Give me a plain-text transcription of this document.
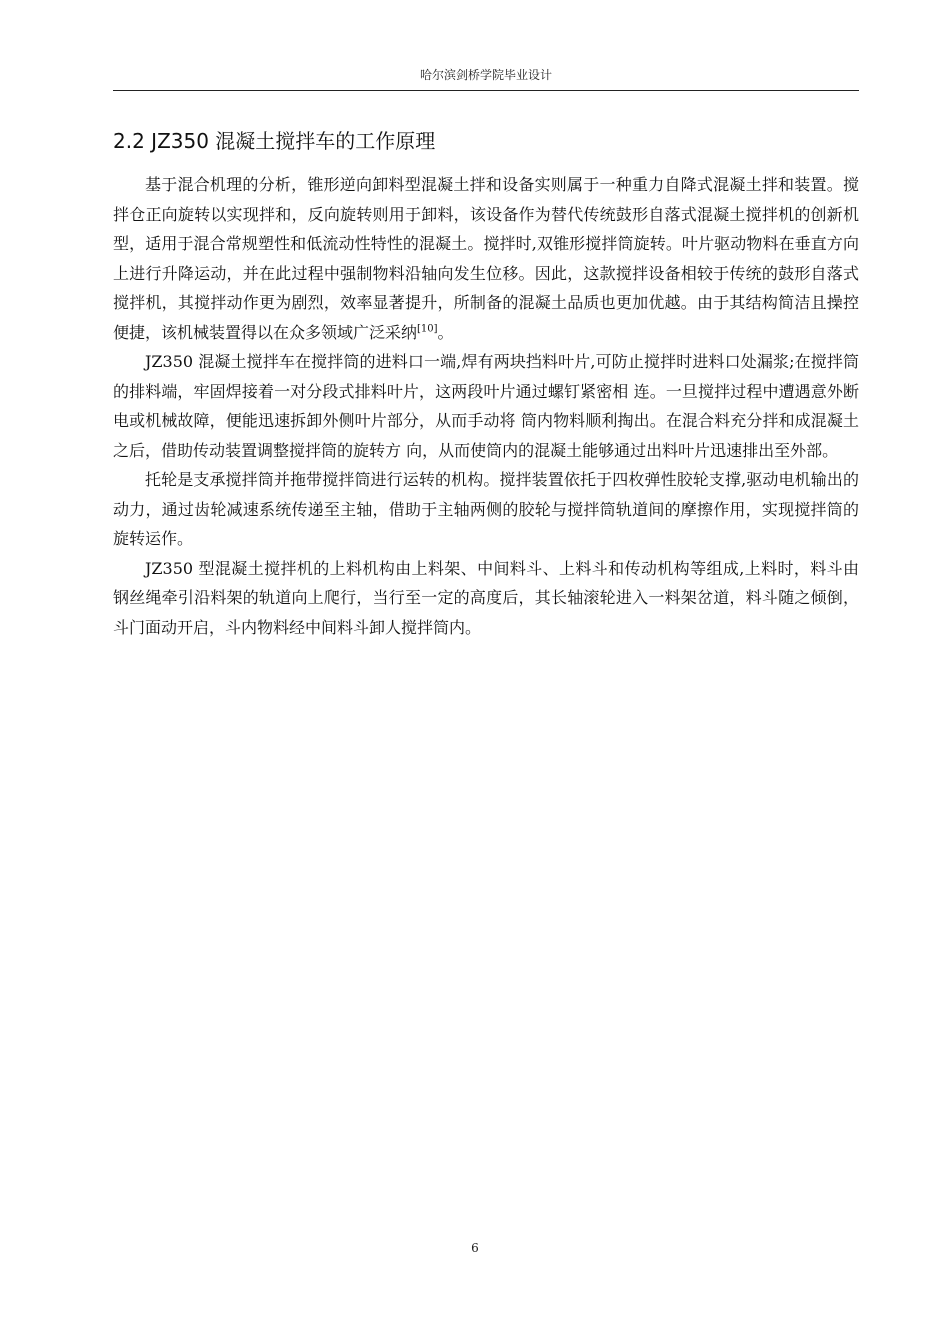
哈尔滨剑桥学院毕业设计
2.2 JZ350 混凝土搅拌车的工作原理

基于混合机理的分析，锥形逆向卸料型混凝土拌和设备实则属于一种重力自降式混凝土拌和装置。搅拌仓正向旋转以实现拌和，反向旋转则用于卸料，该设备作为替代传统鼓形自落式混凝土搅拌机的创新机型，适用于混合常规塑性和低流动性特性的混凝土。搅拌时,双锥形搅拌筒旋转。叶片驱动物料在垂直方向上进行升降运动，并在此过程中强制物料沿轴向发生位移。因此，这款搅拌设备相较于传统的鼓形自落式搅拌机，其搅拌动作更为剧烈，效率显著提升，所制备的混凝土品质也更加优越。由于其结构简洁且操控便捷，该机械装置得以在众多领域广泛采纳[10]。

JZ350 混凝土搅拌车在搅拌筒的进料口一端,焊有两块挡料叶片,可防止搅拌时进料口处漏浆;在搅拌筒的排料端，牢固焊接着一对分段式排料叶片，这两段叶片通过螺钉紧密相 连。一旦搅拌过程中遭遇意外断电或机械故障，便能迅速拆卸外侧叶片部分，从而手动将 筒内物料顺利掏出。在混合料充分拌和成混凝土之后，借助传动装置调整搅拌筒的旋转方 向，从而使筒内的混凝土能够通过出料叶片迅速排出至外部。

托轮是支承搅拌筒并拖带搅拌筒进行运转的机构。搅拌装置依托于四枚弹性胶轮支撑,驱动电机输出的动力，通过齿轮减速系统传递至主轴，借助于主轴两侧的胶轮与搅拌筒轨道间的摩擦作用，实现搅拌筒的旋转运作。

JZ350 型混凝土搅拌机的上料机构由上料架、中间料斗、上料斗和传动机构等组成,上料时，料斗由钢丝绳牵引沿料架的轨道向上爬行，当行至一定的高度后，其长轴滚轮进入一料架岔道，料斗随之倾倒，斗门面动开启，斗内物料经中间料斗卸人搅拌筒内。

6
